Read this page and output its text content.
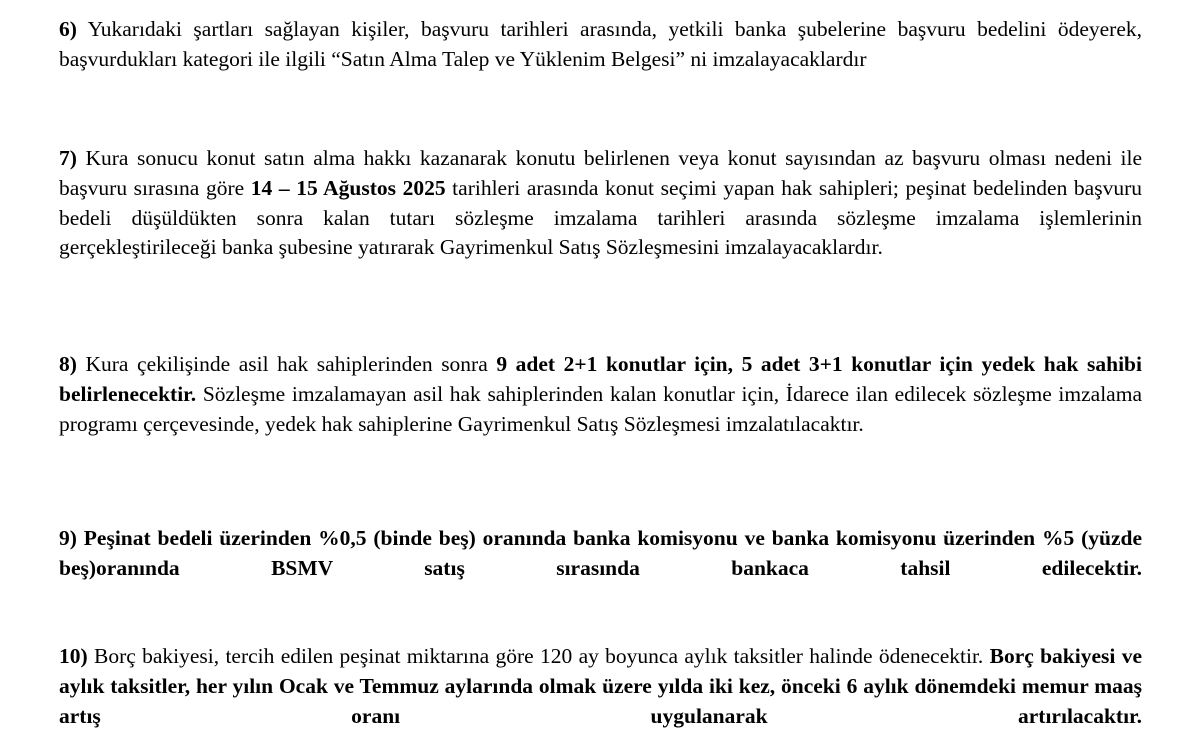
6) Yukarıdaki şartları sağlayan kişiler, başvuru tarihleri arasında, yetkili banka şubelerine başvuru bedelini ödeyerek, başvurdukları kategori ile ilgili “Satın Alma Talep ve Yüklenim Belgesi” ni imzalayacaklardır

7) Kura sonucu konut satın alma hakkı kazanarak konutu belirlenen veya konut sayısından az başvuru olması nedeni ile başvuru sırasına göre 14 – 15 Ağustos 2025 tarihleri arasında konut seçimi yapan hak sahipleri; peşinat bedelinden başvuru bedeli düşüldükten sonra kalan tutarı sözleşme imzalama tarihleri arasında sözleşme imzalama işlemlerinin gerçekleştirileceği banka şubesine yatırarak Gayrimenkul Satış Sözleşmesini imzalayacaklardır.

8) Kura çekilişinde asil hak sahiplerinden sonra 9 adet 2+1 konutlar için, 5 adet 3+1 konutlar için yedek hak sahibi belirlenecektir. Sözleşme imzalamayan asil hak sahiplerinden kalan konutlar için, İdarece ilan edilecek sözleşme imzalama programı çerçevesinde, yedek hak sahiplerine Gayrimenkul Satış Sözleşmesi imzalatılacaktır.

9) Peşinat bedeli üzerinden %0,5 (binde beş) oranında banka komisyonu ve banka komisyonu üzerinden %5 (yüzde beş)oranında BSMV satış sırasında bankaca tahsil edilecektir.

10) Borç bakiyesi, tercih edilen peşinat miktarına göre 120 ay boyunca aylık taksitler halinde ödenecektir. Borç bakiyesi ve aylık taksitler, her yılın Ocak ve Temmuz aylarında olmak üzere yılda iki kez, önceki 6 aylık dönemdeki memur maaş artış oranı uygulanarak artırılacaktır.
